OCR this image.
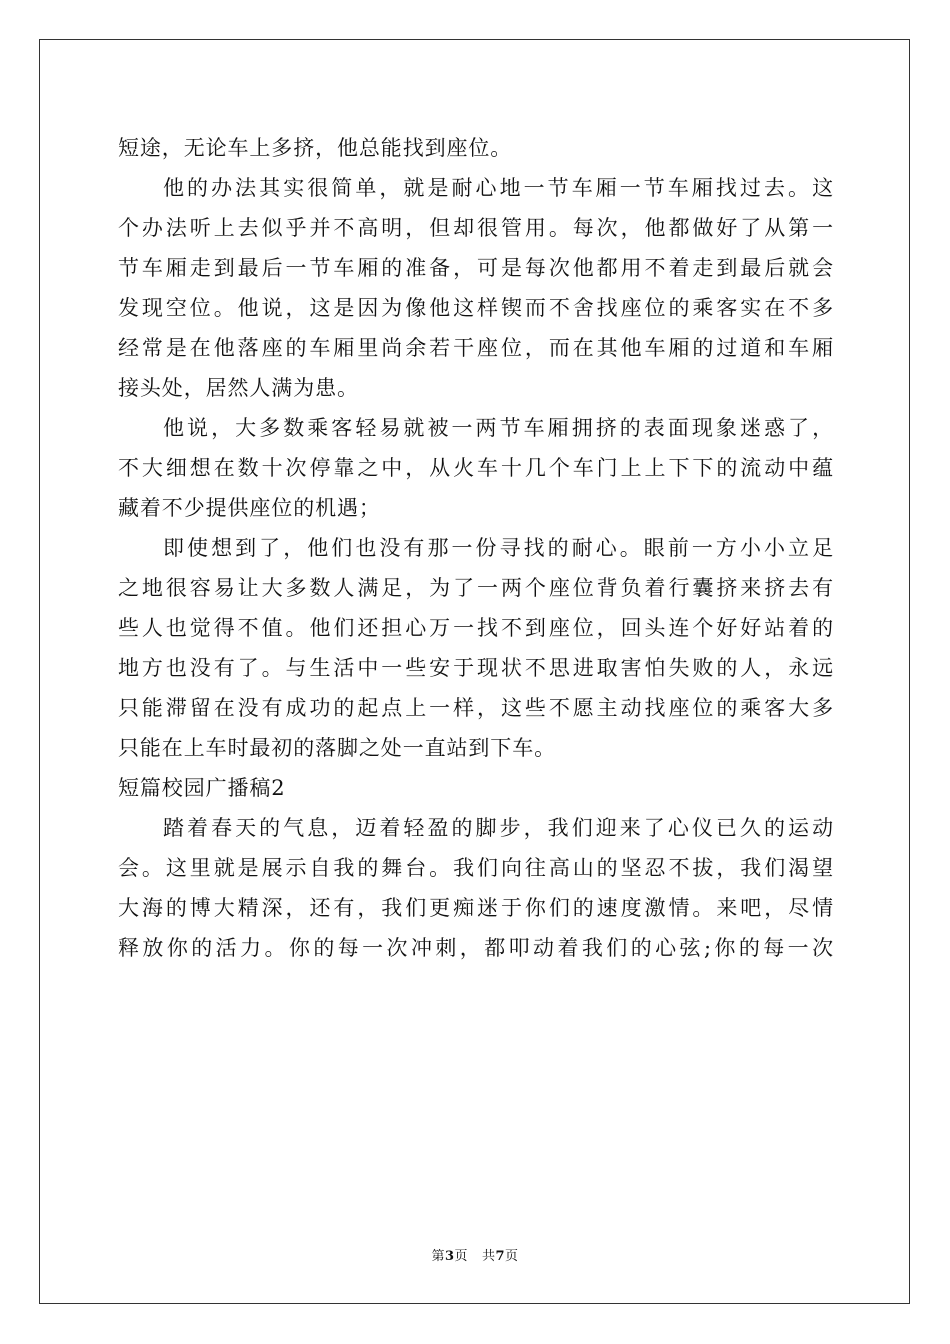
短途，无论车上多挤，他总能找到座位。
他的办法其实很简单，就是耐心地一节车厢一节车厢找过去。这
个办法听上去似乎并不高明，但却很管用。每次，他都做好了从第一
节车厢走到最后一节车厢的准备，可是每次他都用不着走到最后就会
发现空位。他说，这是因为像他这样锲而不舍找座位的乘客实在不多
经常是在他落座的车厢里尚余若干座位，而在其他车厢的过道和车厢
接头处，居然人满为患。
他说，大多数乘客轻易就被一两节车厢拥挤的表面现象迷惑了，
不大细想在数十次停靠之中，从火车十几个车门上上下下的流动中蕴
藏着不少提供座位的机遇；
即使想到了，他们也没有那一份寻找的耐心。眼前一方小小立足
之地很容易让大多数人满足，为了一两个座位背负着行囊挤来挤去有
些人也觉得不值。他们还担心万一找不到座位，回头连个好好站着的
地方也没有了。与生活中一些安于现状不思进取害怕失败的人，永远
只能滞留在没有成功的起点上一样，这些不愿主动找座位的乘客大多
只能在上车时最初的落脚之处一直站到下车。
短篇校园广播稿2
踏着春天的气息，迈着轻盈的脚步，我们迎来了心仪已久的运动
会。这里就是展示自我的舞台。我们向往高山的坚忍不拔，我们渴望
大海的博大精深，还有，我们更痴迷于你们的速度激情。来吧，尽情
释放你的活力。你的每一次冲刺，都叩动着我们的心弦;你的每一次
第3页 共7页
